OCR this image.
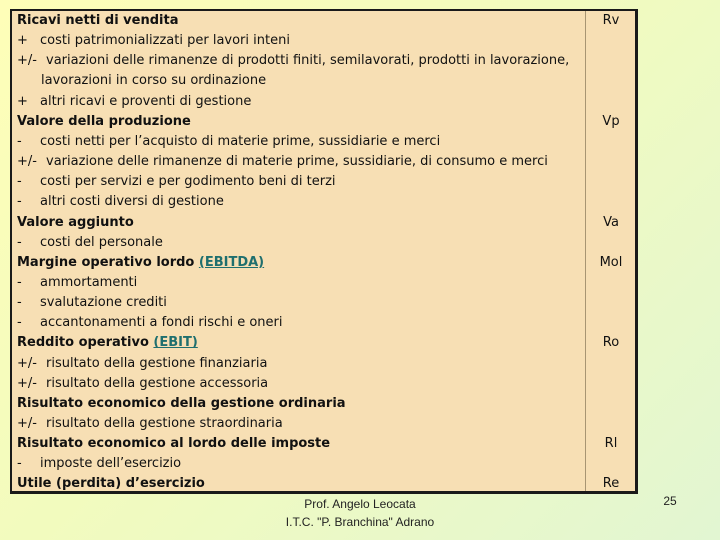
Ricavi netti di vendita
+ costi patrimonializzati per lavori inteni
+/- variazioni delle rimanenze di prodotti finiti, semilavorati, prodotti in lavorazione,
lavorazioni in corso su ordinazione
+ altri ricavi e proventi di gestione
Valore della produzione
- costi netti per l’acquisto di materie prime, sussidiarie e merci
+/- variazione delle rimanenze di materie prime, sussidiarie, di consumo e merci
- costi per servizi e per godimento beni di terzi
- altri costi diversi di gestione
Valore aggiunto
- costi del personale
Margine operativo lordo (EBITDA)
- ammortamenti
- svalutazione crediti
- accantonamenti a fondi rischi e oneri
Reddito operativo (EBIT)
+/- risultato della gestione finanziaria
+/- risultato della gestione accessoria
Risultato economico della gestione ordinaria
+/- risultato della gestione straordinaria
Risultato economico al lordo delle imposte
- imposte dell’esercizio
Utile (perdita) d’esercizio
Rv
Vp
Va
Mol
Ro
Rl
Re
Prof. Angelo Leocata
I.T.C. "P. Branchina" Adrano
25
